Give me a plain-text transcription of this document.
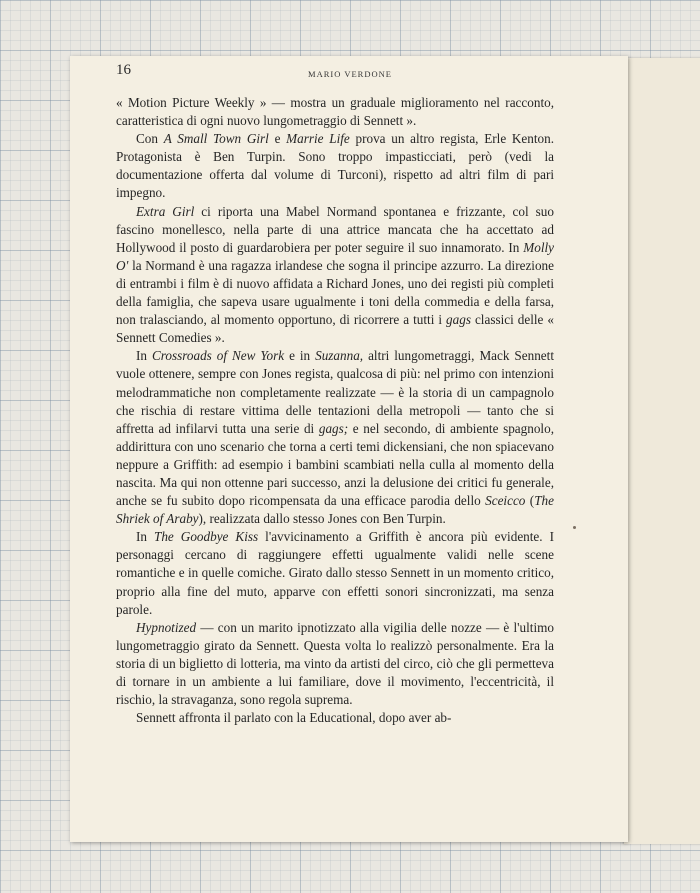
16	MARIO VERDONE

« Motion Picture Weekly » — mostra un graduale miglioramento nel racconto, caratteristica di ogni nuovo lungometraggio di Sennett ».

Con A Small Town Girl e Marrie Life prova un altro regista, Erle Kenton. Protagonista è Ben Turpin. Sono troppo impasticciati, però (vedi la documentazione offerta dal volume di Turconi), rispetto ad altri film di pari impegno.

Extra Girl ci riporta una Mabel Normand spontanea e frizzante, col suo fascino monellesco, nella parte di una attrice mancata che ha accettato ad Hollywood il posto di guardarobiera per poter seguire il suo innamorato. In Molly O' la Normand è una ragazza irlandese che sogna il principe azzurro. La direzione di entrambi i film è di nuovo affidata a Richard Jones, uno dei registi più completi della famiglia, che sapeva usare ugualmente i toni della commedia e della farsa, non tralasciando, al momento opportuno, di ricorrere a tutti i gags classici delle « Sennett Comedies ».

In Crossroads of New York e in Suzanna, altri lungometraggi, Mack Sennett vuole ottenere, sempre con Jones regista, qualcosa di più: nel primo con intenzioni melodrammatiche non completamente realizzate — è la storia di un campagnolo che rischia di restare vittima delle tentazioni della metropoli — tanto che si affretta ad infilarvi tutta una serie di gags; e nel secondo, di ambiente spagnolo, addirittura con uno scenario che torna a certi temi dickensiani, che non spiacevano neppure a Griffith: ad esempio i bambini scambiati nella culla al momento della nascita. Ma qui non ottenne pari successo, anzi la delusione dei critici fu generale, anche se fu subito dopo ricompensata da una efficace parodia dello Sceicco (The Shriek of Araby), realizzata dallo stesso Jones con Ben Turpin.

In The Goodbye Kiss l'avvicinamento a Griffith è ancora più evidente. I personaggi cercano di raggiungere effetti ugualmente validi nelle scene romantiche e in quelle comiche. Girato dallo stesso Sennett in un momento critico, proprio alla fine del muto, apparve con effetti sonori sincronizzati, ma senza parole.

Hypnotized — con un marito ipnotizzato alla vigilia delle nozze — è l'ultimo lungometraggio girato da Sennett. Questa volta lo realizzò personalmente. Era la storia di un biglietto di lotteria, ma vinto da artisti del circo, ciò che gli permetteva di tornare in un ambiente a lui familiare, dove il movimento, l'eccentricità, il rischio, la stravaganza, sono regola suprema.

Sennett affronta il parlato con la Educational, dopo aver ab-
